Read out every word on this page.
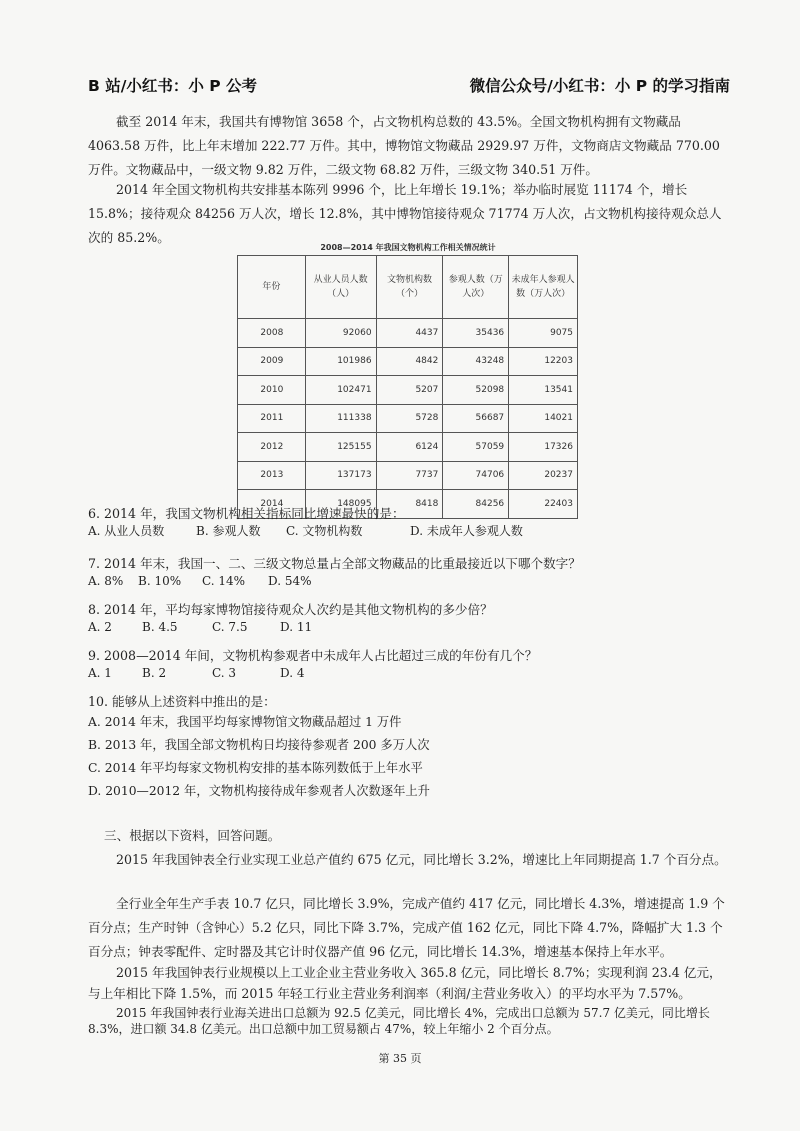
B 站/小红书：小 P 公考	微信公众号/小红书：小 P 的学习指南

截至 2014 年末，我国共有博物馆 3658 个，占文物机构总数的 43.5%。全国文物机构拥有文物藏品 4063.58 万件，比上年末增加 222.77 万件。其中，博物馆文物藏品 2929.97 万件，文物商店文物藏品 770.00 万件。文物藏品中，一级文物 9.82 万件，二级文物 68.82 万件，三级文物 340.51 万件。

2014 年全国文物机构共安排基本陈列 9996 个，比上年增长 19.1%；举办临时展览 11174 个，增长 15.8%；接待观众 84256 万人次，增长 12.8%，其中博物馆接待观众 71774 万人次，占文物机构接待观众总人次的 85.2%。

2008—2014 年我国文物机构工作相关情况统计
年份	从业人员人数（人）	文物机构数（个）	参观人数（万人次）	未成年人参观人数（万人次）
2008	92060	4437	35436	9075
2009	101986	4842	43248	12203
2010	102471	5207	52098	13541
2011	111338	5728	56687	14021
2012	125155	6124	57059	17326
2013	137173	7737	74706	20237
2014	148095	8418	84256	22403

6. 2014 年，我国文物机构相关指标同比增速最快的是：

A. 从业人员数	B. 参观人数	C. 文物机构数	D. 未成年人参观人数

7. 2014 年末，我国一、二、三级文物总量占全部文物藏品的比重最接近以下哪个数字？

A. 8%	B. 10%	C. 14%	D. 54%

8. 2014 年，平均每家博物馆接待观众人次约是其他文物机构的多少倍？

A. 2	B. 4.5	C. 7.5	D. 11

9. 2008—2014 年间，文物机构参观者中未成年人占比超过三成的年份有几个？

A. 1	B. 2	C. 3	D. 4

10. 能够从上述资料中推出的是：

A. 2014 年末，我国平均每家博物馆文物藏品超过 1 万件
B. 2013 年，我国全部文物机构日均接待参观者 200 多万人次
C. 2014 年平均每家文物机构安排的基本陈列数低于上年水平
D. 2010—2012 年，文物机构接待成年参观者人次数逐年上升

三、根据以下资料，回答问题。

2015 年我国钟表全行业实现工业总产值约 675 亿元，同比增长 3.2%，增速比上年同期提高 1.7 个百分点。

全行业全年生产手表 10.7 亿只，同比增长 3.9%，完成产值约 417 亿元，同比增长 4.3%，增速提高 1.9 个百分点；生产时钟（含钟心）5.2 亿只，同比下降 3.7%，完成产值 162 亿元，同比下降 4.7%，降幅扩大 1.3 个百分点；钟表零配件、定时器及其它计时仪器产值 96 亿元，同比增长 14.3%，增速基本保持上年水平。

2015 年我国钟表行业规模以上工业企业主营业务收入 365.8 亿元，同比增长 8.7%；实现利润 23.4 亿元，与上年相比下降 1.5%，而 2015 年轻工行业主营业务利润率（利润/主营业务收入）的平均水平为 7.57%。

2015 年我国钟表行业海关进出口总额为 92.5 亿美元，同比增长 4%，完成出口总额为 57.7 亿美元，同比增长 8.3%，进口额 34.8 亿美元。出口总额中加工贸易额占 47%，较上年缩小 2 个百分点。

第 35 页
